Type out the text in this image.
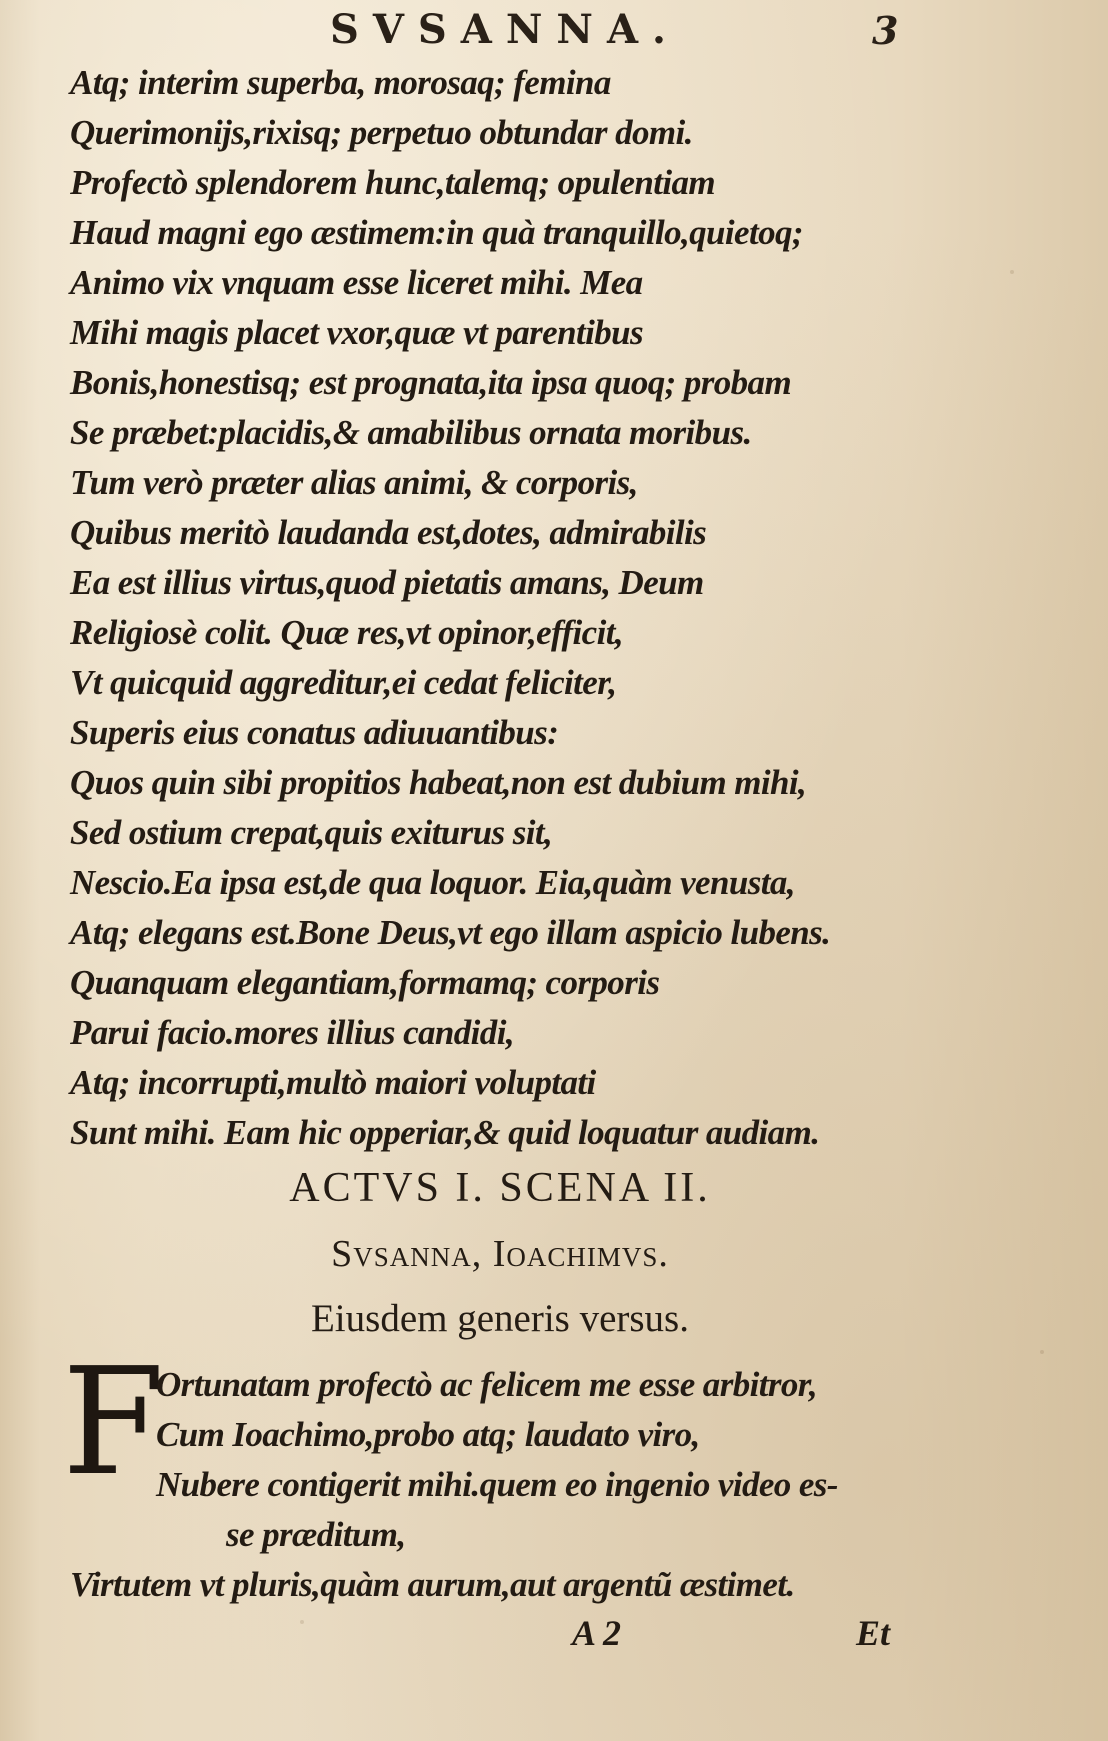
SVSANNA.	3
Atq; interim superba, morosaq; femina
Querimonijs,rixisq; perpetuo obtundar domi.
Profectò splendorem hunc,talemq; opulentiam
Haud magni ego æstimem:in quà tranquillo,quietoq;
Animo vix vnquam esse liceret mihi. Mea
Mihi magis placet vxor,quæ vt parentibus
Bonis,honestisq; est prognata,ita ipsa quoq; probam
Se præbet:placidis,& amabilibus ornata moribus.
Tum verò præter alias animi, & corporis,
Quibus meritò laudanda est,dotes, admirabilis
Ea est illius virtus,quod pietatis amans, Deum
Religiosè colit. Quæ res,vt opinor,efficit,
Vt quicquid aggreditur,ei cedat feliciter,
Superis eius conatus adiuuantibus:
Quos quin sibi propitios habeat,non est dubium mihi,
Sed ostium crepat,quis exiturus sit,
Nescio.Ea ipsa est,de qua loquor. Eia,quàm venusta,
Atq; elegans est.Bone Deus,vt ego illam aspicio lubens.
Quanquam elegantiam,formamq; corporis
Parui facio.mores illius candidi,
Atq; incorrupti,multò maiori voluptati
Sunt mihi. Eam hic opperiar,& quid loquatur audiam.
ACTVS I. SCENA II.
Svsanna, Ioachimvs.
Eiusdem generis versus.
F
Ortunatam profectò ac felicem me esse arbitror,
Cum Ioachimo,probo atq; laudato viro,
Nubere contigerit mihi.quem eo ingenio video es-
se præditum,
Virtutem vt pluris,quàm aurum,aut argentũ æstimet.
A 2	Et
